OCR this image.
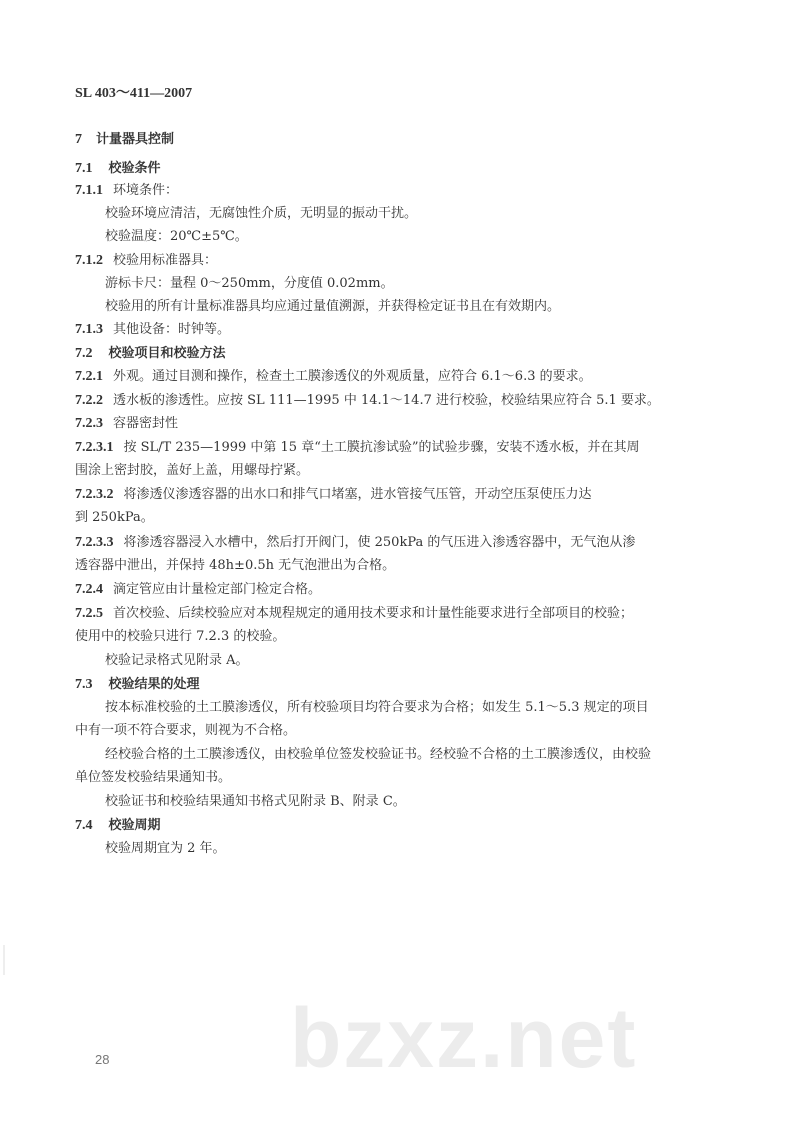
SL 403～411—2007
7 计量器具控制
7.1 校验条件
7.1.1 环境条件：
校验环境应清洁，无腐蚀性介质，无明显的振动干扰。
校验温度：20℃±5℃。
7.1.2 校验用标准器具：
游标卡尺：量程 0～250mm，分度值 0.02mm。
校验用的所有计量标准器具均应通过量值溯源，并获得检定证书且在有效期内。
7.1.3 其他设备：时钟等。
7.2 校验项目和校验方法
7.2.1 外观。通过目测和操作，检查土工膜渗透仪的外观质量，应符合 6.1～6.3 的要求。
7.2.2 透水板的渗透性。应按 SL 111—1995 中 14.1～14.7 进行校验，校验结果应符合 5.1 要求。
7.2.3 容器密封性
7.2.3.1 按 SL/T 235—1999 中第 15 章“土工膜抗渗试验”的试验步骤，安装不透水板，并在其周
围涂上密封胶，盖好上盖，用螺母拧紧。
7.2.3.2 将渗透仪渗透容器的出水口和排气口堵塞，进水管接气压管，开动空压泵使压力达
到 250kPa。
7.2.3.3 将渗透容器浸入水槽中，然后打开阀门，使 250kPa 的气压进入渗透容器中，无气泡从渗
透容器中泄出，并保持 48h±0.5h 无气泡泄出为合格。
7.2.4 滴定管应由计量检定部门检定合格。
7.2.5 首次校验、后续校验应对本规程规定的通用技术要求和计量性能要求进行全部项目的校验；
使用中的校验只进行 7.2.3 的校验。
校验记录格式见附录 A。
7.3 校验结果的处理
按本标准校验的土工膜渗透仪，所有校验项目均符合要求为合格；如发生 5.1～5.3 规定的项目
中有一项不符合要求，则视为不合格。
经校验合格的土工膜渗透仪，由校验单位签发校验证书。经校验不合格的土工膜渗透仪，由校验
单位签发校验结果通知书。
校验证书和校验结果通知书格式见附录 B、附录 C。
7.4 校验周期
校验周期宜为 2 年。
bzxz.net
28
